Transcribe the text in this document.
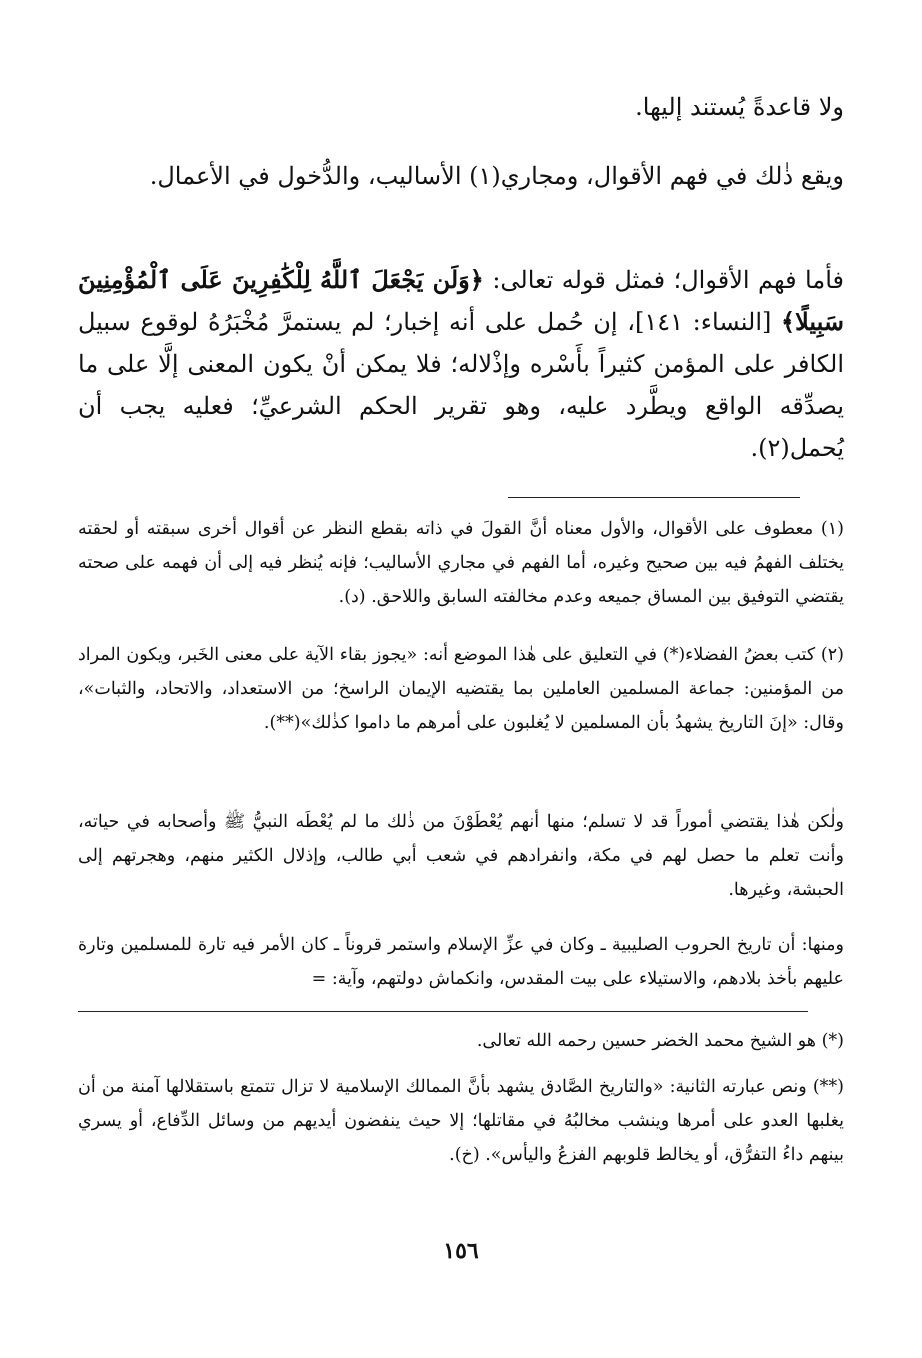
ولا قاعدةً يُستند إليها.

ويقع ذٰلك في فهم الأقوال، ومجاري(١) الأساليب، والدُّخول في الأعمال.

فأما فهم الأقوال؛ فمثل قوله تعالى: ﴿وَلَن يَجْعَلَ ٱللَّهُ لِلْكَٰفِرِينَ عَلَى ٱلْمُؤْمِنِينَ سَبِيلًا﴾ [النساء: ١٤١]، إن حُمل على أنه إخبار؛ لم يستمرَّ مُخْبَرُهُ لوقوع سبيل الكافر على المؤمن كثيراً بأَسْره وإذْلاله؛ فلا يمكن أنْ يكون المعنى إلَّا على ما يصدِّقه الواقع ويطَّرد عليه، وهو تقرير الحكم الشرعيِّ؛ فعليه يجب أن يُحمل(٢).

(١) معطوف على الأقوال، والأول معناه أنَّ القولَ في ذاته بقطع النظر عن أقوال أخرى سبقته أو لحقته يختلف الفهمُ فيه بين صحيح وغيره، أما الفهم في مجاري الأساليب؛ فإنه يُنظر فيه إلى أن فهمه على صحته يقتضي التوفيق بين المساق جميعه وعدم مخالفته السابق واللاحق. (د).

(٢) كتب بعضُ الفضلاء(*) في التعليق على هٰذا الموضع أنه: «يجوز بقاء الآية على معنى الخَبر، ويكون المراد من المؤمنين: جماعة المسلمين العاملين بما يقتضيه الإيمان الراسخ؛ من الاستعداد، والاتحاد، والثبات»، وقال: «إنَ التاريخ يشهدُ بأن المسلمين لا يُغلبون على أمرهم ما داموا كذٰلك»(**).

ولٰكن هٰذا يقتضي أموراً قد لا تسلم؛ منها أنهم يُعْطَوْنَ من ذٰلك ما لم يُعْطَه النبيُّ ﷺ وأصحابه في حياته، وأنت تعلم ما حصل لهم في مكة، وانفرادهم في شعب أبي طالب، وإذلال الكثير منهم، وهجرتهم إلى الحبشة، وغيرها.

ومنها: أن تاريخ الحروب الصليبية ـ وكان في عزِّ الإسلام واستمر قروناً ـ كان الأمر فيه تارة للمسلمين وتارة عليهم بأخذ بلادهم، والاستيلاء على بيت المقدس، وانكماش دولتهم، وآية: =

(*) هو الشيخ محمد الخضر حسين رحمه الله تعالى.

(**) ونص عبارته الثانية: «والتاريخ الصَّادق يشهد بأنَّ الممالك الإسلامية لا تزال تتمتع باستقلالها آمنة من أن يغلبها العدو على أمرها وينشب مخالبُهُ في مقاتلها؛ إلا حيث ينفضون أيديهم من وسائل الدِّفاع، أو يسري بينهم داءُ التفرُّق، أو يخالط قلوبهم الفزعُ واليأس». (خ).

١٥٦
